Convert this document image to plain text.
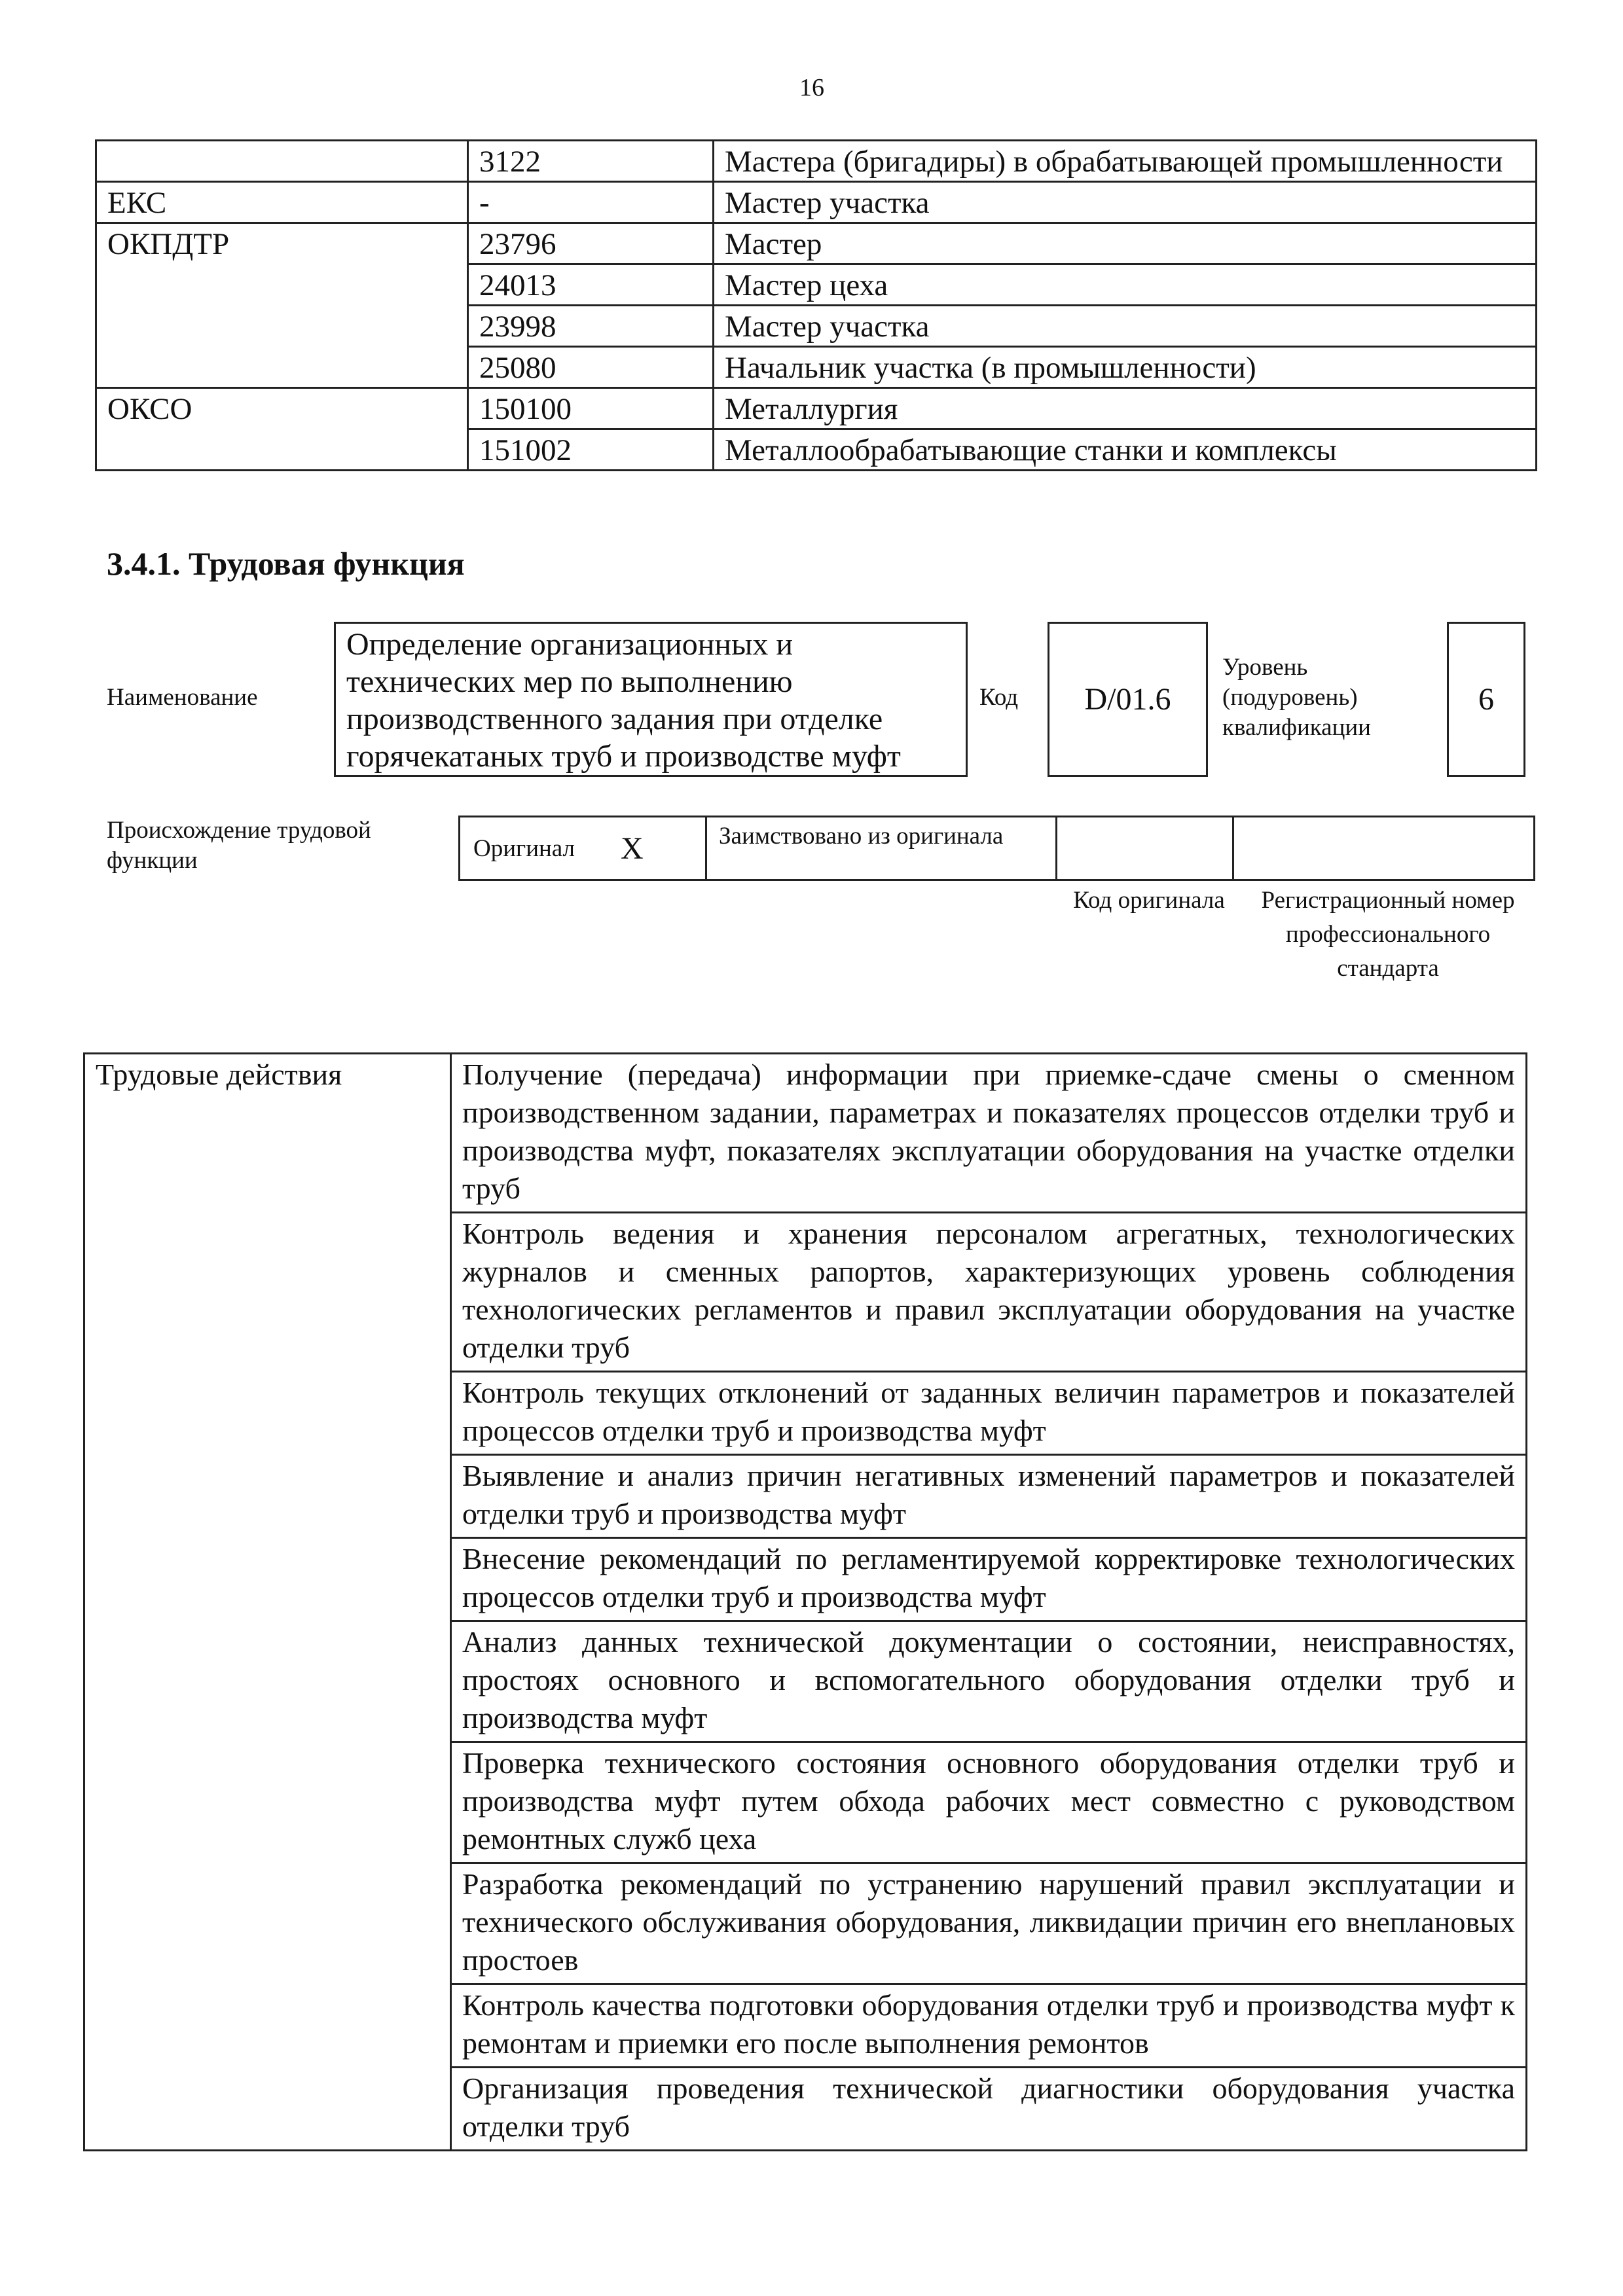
16
	3122	Мастера (бригадиры) в обрабатывающей промышленности
ЕКС	-	Мастер участка
ОКПДТР	23796	Мастер
	24013	Мастер цеха
	23998	Мастер участка
	25080	Начальник участка (в промышленности)
ОКСО	150100	Металлургия
	151002	Металлообрабатывающие станки и комплексы
3.4.1. Трудовая функция
Наименование
Определение организационных и технических мер по выполнению производственного задания при отделке горячекатаных труб и производстве муфт
Код	D/01.6
Уровень (подуровень) квалификации
6
Происхождение трудовой функции	Оригинал X	Заимствовано из оригинала
Код оригинала	Регистрационный номер профессионального стандарта
Трудовые действия	Получение (передача) информации при приемке-сдаче смены о сменном производственном задании, параметрах и показателях процессов отделки труб и производства муфт, показателях эксплуатации оборудования на участке отделки труб
Контроль ведения и хранения персоналом агрегатных, технологических журналов и сменных рапортов, характеризующих уровень соблюдения технологических регламентов и правил эксплуатации оборудования на участке отделки труб
Контроль текущих отклонений от заданных величин параметров и показателей процессов отделки труб и производства муфт
Выявление и анализ причин негативных изменений параметров и показателей отделки труб и производства муфт
Внесение рекомендаций по регламентируемой корректировке технологических процессов отделки труб и производства муфт
Анализ данных технической документации о состоянии, неисправностях, простоях основного и вспомогательного оборудования отделки труб и производства муфт
Проверка технического состояния основного оборудования отделки труб и производства муфт путем обхода рабочих мест совместно с руководством ремонтных служб цеха
Разработка рекомендаций по устранению нарушений правил эксплуатации и технического обслуживания оборудования, ликвидации причин его внеплановых простоев
Контроль качества подготовки оборудования отделки труб и производства муфт к ремонтам и приемки его после выполнения ремонтов
Организация проведения технической диагностики оборудования участка отделки труб
